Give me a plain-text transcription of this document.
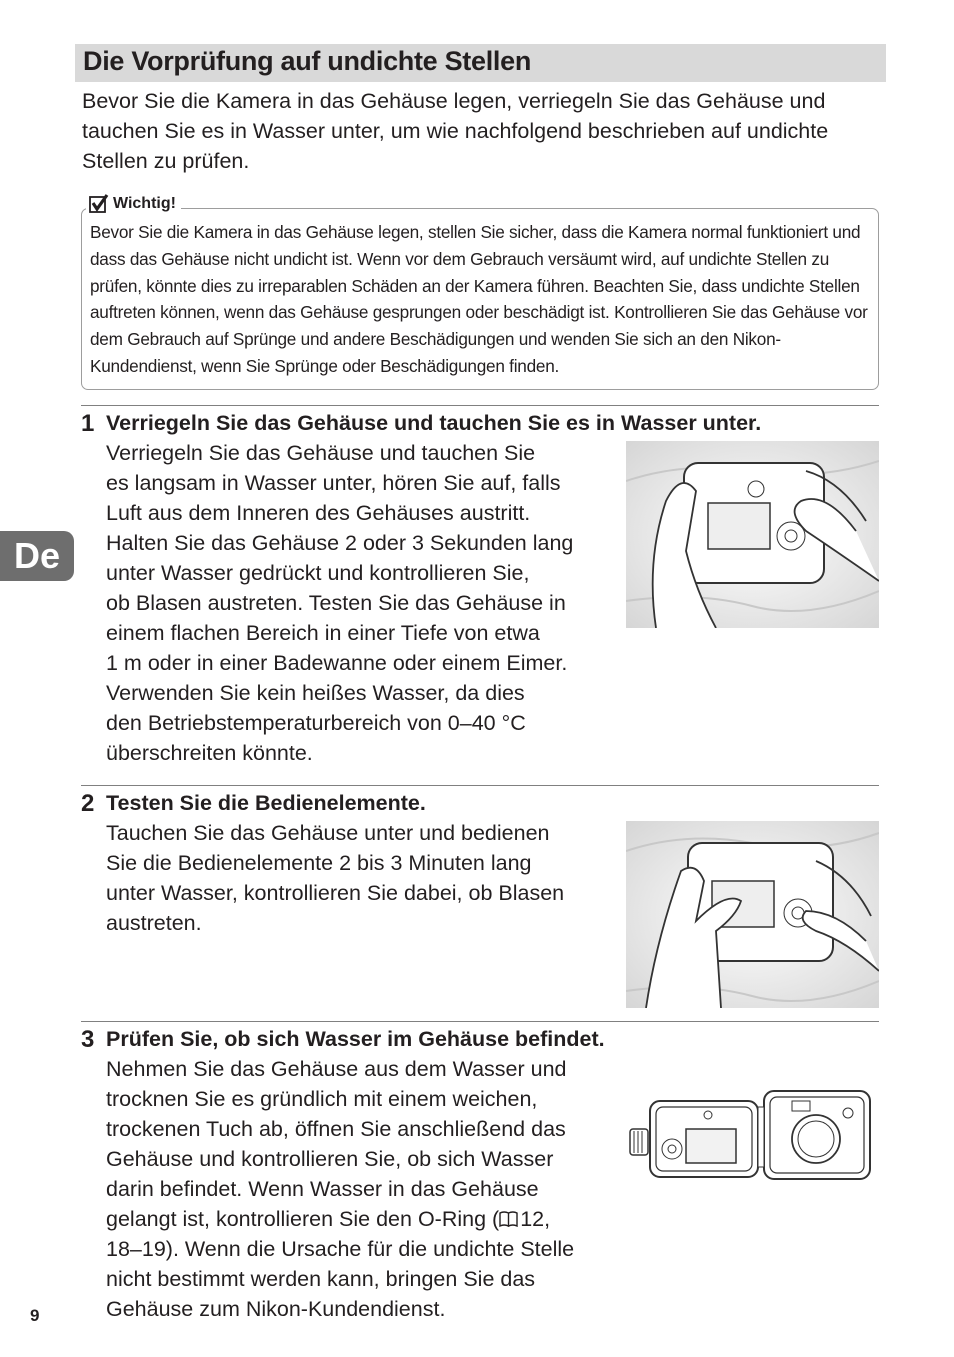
Die Vorprüfung auf undichte Stellen

Bevor Sie die Kamera in das Gehäuse legen, verriegeln Sie das Gehäuse und tauchen Sie es in Wasser unter, um wie nachfolgend beschrieben auf undichte Stellen zu prüfen.

Wichtig!

Bevor Sie die Kamera in das Gehäuse legen, stellen Sie sicher, dass die Kamera normal funktioniert und dass das Gehäuse nicht undicht ist. Wenn vor dem Gebrauch versäumt wird, auf undichte Stellen zu prüfen, könnte dies zu irreparablen Schäden an der Kamera führen. Beachten Sie, dass undichte Stellen auftreten können, wenn das Gehäuse gesprungen oder beschädigt ist. Kontrollieren Sie das Gehäuse vor dem Gebrauch auf Sprünge und andere Beschädigungen und wenden Sie sich an den Nikon-Kundendienst, wenn Sie Sprünge oder Beschädigungen finden.

1 Verriegeln Sie das Gehäuse und tauchen Sie es in Wasser unter.

Verriegeln Sie das Gehäuse und tauchen Sie
es langsam in Wasser unter, hören Sie auf, falls
Luft aus dem Inneren des Gehäuses austritt.
Halten Sie das Gehäuse 2 oder 3 Sekunden lang
unter Wasser gedrückt und kontrollieren Sie,
ob Blasen austreten. Testen Sie das Gehäuse in
einem flachen Bereich in einer Tiefe von etwa
1 m oder in einer Badewanne oder einem Eimer.
Verwenden Sie kein heißes Wasser, da dies
den Betriebstemperaturbereich von 0–40 °C
überschreiten könnte.
2 Testen Sie die Bedienelemente.

Tauchen Sie das Gehäuse unter und bedienen
Sie die Bedienelemente 2 bis 3 Minuten lang
unter Wasser, kontrollieren Sie dabei, ob Blasen
austreten.
3 Prüfen Sie, ob sich Wasser im Gehäuse befindet.

Nehmen Sie das Gehäuse aus dem Wasser und
trocknen Sie es gründlich mit einem weichen,
trockenen Tuch ab, öffnen Sie anschließend das
Gehäuse und kontrollieren Sie, ob sich Wasser
darin befindet. Wenn Wasser in das Gehäuse
gelangt ist, kontrollieren Sie den O-Ring ( 12,
18–19). Wenn die Ursache für die undichte Stelle
nicht bestimmt werden kann, bringen Sie das
Gehäuse zum Nikon-Kundendienst.
De
9
